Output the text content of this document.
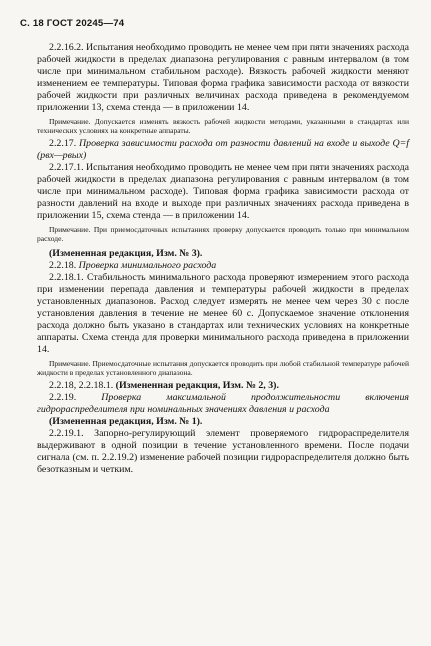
С. 18 ГОСТ 20245—74

2.2.16.2. Испытания необходимо проводить не менее чем при пяти значениях расхода рабочей жидкости в пределах диапазона регулирования с равным интервалом (в том числе при минимальном стабильном расходе). Вязкость рабочей жидкости меняют изменением ее температуры. Типовая форма графика зависимости расхода от вязкости рабочей жидкости при различных величинах расхода приведена в рекомендуемом приложении 13, схема стенда — в приложении 14.

Примечание. Допускается изменять вязкость рабочей жидкости методами, указанными в стандартах или технических условиях на конкретные аппараты.

2.2.17. Проверка зависимости расхода от разности давлений на входе и выходе Q=f (pвх—pвых)

2.2.17.1. Испытания необходимо проводить не менее чем при пяти значениях расхода рабочей жидкости в пределах диапазона регулирования с равным интервалом (в том числе при минимальном расходе). Типовая форма графика зависимости расхода от разности давлений на входе и выходе при различных значениях расхода приведена в приложении 15, схема стенда — в приложении 14.

Примечание. При приемосдаточных испытаниях проверку допускается проводить только при минимальном расходе.

(Измененная редакция, Изм. № 3).

2.2.18. Проверка минимального расхода

2.2.18.1. Стабильность минимального расхода проверяют измерением этого расхода при изменении перепада давления и температуры рабочей жидкости в пределах установленных диапазонов. Расход следует измерять не менее чем через 30 с после установления давления в течение не менее 60 с. Допускаемое значение отклонения расхода должно быть указано в стандартах или технических условиях на конкретные аппараты. Схема стенда для проверки минимального расхода приведена в приложении 14.

Примечание. Приемосдаточные испытания допускается проводить при любой стабильной температуре рабочей жидкости в пределах установленного диапазона.

2.2.18, 2.2.18.1. (Измененная редакция, Изм. № 2, 3).

2.2.19.	Проверка максимальной продолжительности включения гидрораспределителя при номинальных значениях давления и расхода

(Измененная редакция, Изм. № 1).

2.2.19.1. Запорно-регулирующий элемент проверяемого гидрораспределителя выдерживают в одной позиции в течение установленного времени. После подачи сигнала (см. п. 2.2.19.2) изменение рабочей позиции гидрораспределителя должно быть безотказным и четким.
